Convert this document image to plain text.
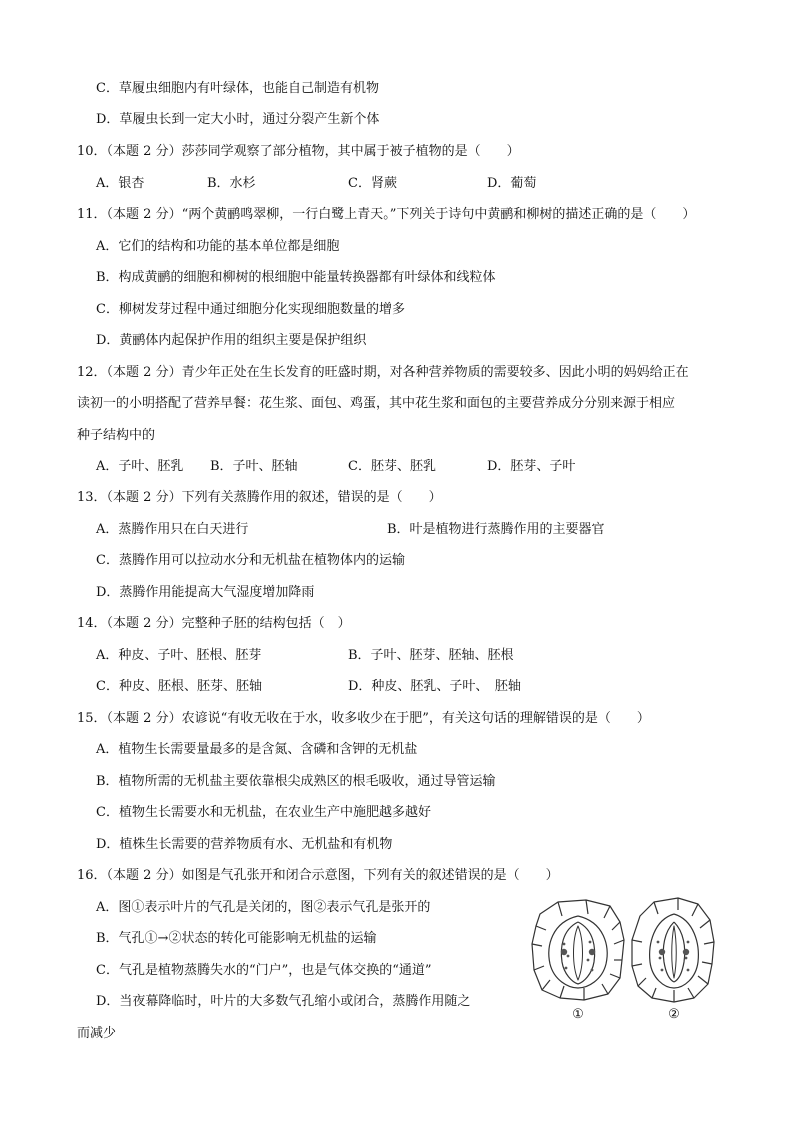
C．草履虫细胞内有叶绿体，也能自己制造有机物
D．草履虫长到一定大小时，通过分裂产生新个体
10．（本题 2 分）莎莎同学观察了部分植物，其中属于被子植物的是（　　）
A．银杏	B．水杉	C．肾蕨	D．葡萄
11．（本题 2 分）“两个黄鹂鸣翠柳，一行白鹭上青天。”下列关于诗句中黄鹂和柳树的描述正确的是（　　）
A．它们的结构和功能的基本单位都是细胞
B．构成黄鹂的细胞和柳树的根细胞中能量转换器都有叶绿体和线粒体
C．柳树发芽过程中通过细胞分化实现细胞数量的增多
D．黄鹂体内起保护作用的组织主要是保护组织
12．（本题 2 分）青少年正处在生长发育的旺盛时期，对各种营养物质的需要较多、因此小明的妈妈给正在
读初一的小明搭配了营养早餐：花生浆、面包、鸡蛋，其中花生浆和面包的主要营养成分分别来源于相应
种子结构中的
A．子叶、胚乳 B．子叶、胚轴	C．胚芽、胚乳	D．胚芽、子叶
13．（本题 2 分）下列有关蒸腾作用的叙述，错误的是（　　）
A．蒸腾作用只在白天进行	B．叶是植物进行蒸腾作用的主要器官
C．蒸腾作用可以拉动水分和无机盐在植物体内的运输
D．蒸腾作用能提高大气湿度增加降雨
14．（本题 2 分）完整种子胚的结构包括（　）
A．种皮、子叶、胚根、胚芽	B．子叶、胚芽、胚轴、胚根
C．种皮、胚根、胚芽、胚轴	D．种皮、胚乳、子叶、　胚轴
15．（本题 2 分）农谚说“有收无收在于水，收多收少在于肥”，有关这句话的理解错误的是（　　）
A．植物生长需要量最多的是含氮、含磷和含钾的无机盐
B．植物所需的无机盐主要依靠根尖成熟区的根毛吸收，通过导管运输
C．植物生长需要水和无机盐，在农业生产中施肥越多越好
D．植株生长需要的营养物质有水、无机盐和有机物
16．（本题 2 分）如图是气孔张开和闭合示意图，下列有关的叙述错误的是（　　）
A．图①表示叶片的气孔是关闭的，图②表示气孔是张开的
B．气孔①→②状态的转化可能影响无机盐的运输
C．气孔是植物蒸腾失水的“门户”，也是气体交换的“通道”
D．当夜幕降临时，叶片的大多数气孔缩小或闭合，蒸腾作用随之
而减少
①	②
